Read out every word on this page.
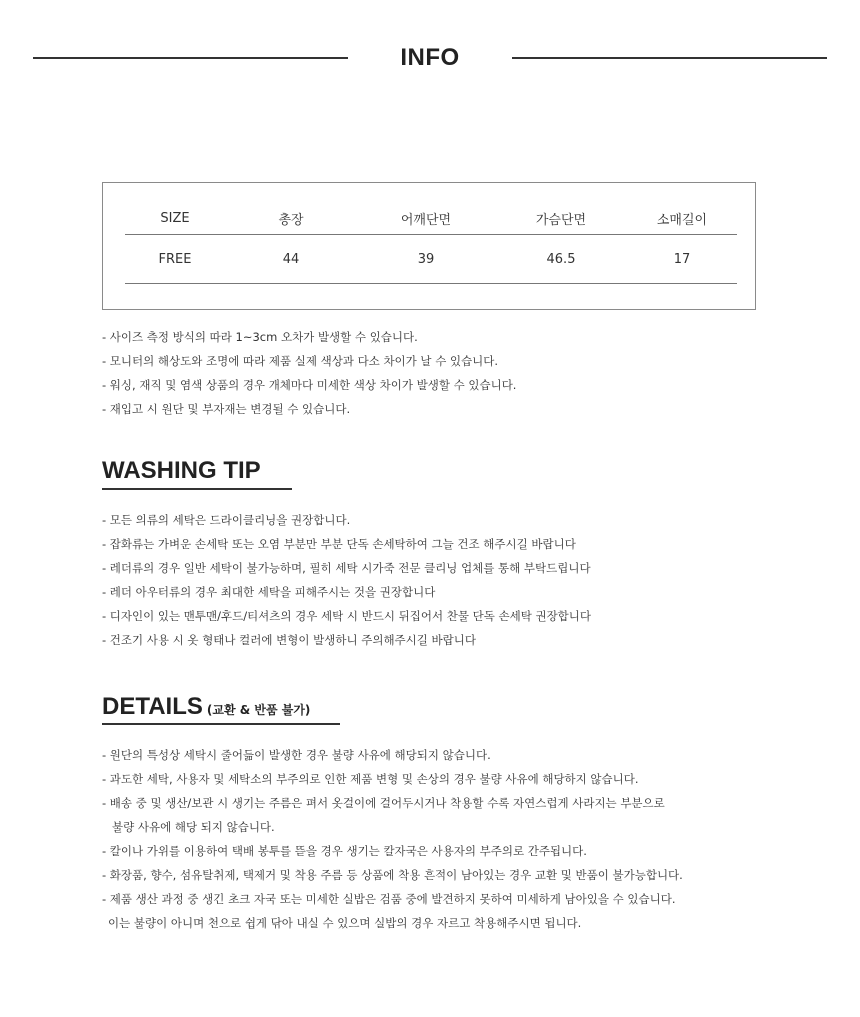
INFO
SIZE	총장	어깨단면	가슴단면	소매길이
FREE	44	39	46.5	17
- 사이즈 측정 방식의 따라 1~3cm 오차가 발생할 수 있습니다.
- 모니터의 해상도와 조명에 따라 제품 실제 색상과 다소 차이가 날 수 있습니다.
- 워싱, 재직 및 염색 상품의 경우 개체마다 미세한 색상 차이가 발생할 수 있습니다.
- 재입고 시 원단 및 부자재는 변경될 수 있습니다.
WASHING TIP
- 모든 의류의 세탁은 드라이클리닝을 권장합니다.
- 잡화류는 가벼운 손세탁 또는 오염 부분만 부분 단독 손세탁하여 그늘 건조 해주시길 바랍니다
- 레더류의 경우 일반 세탁이 불가능하며, 필히 세탁 시가죽 전문 클리닝 업체를 통해 부탁드립니다
- 레더 아우터류의 경우 최대한 세탁을 피해주시는 것을 권장합니다
- 디자인이 있는 맨투맨/후드/티셔츠의 경우 세탁 시 반드시 뒤집어서 찬물 단독 손세탁 권장합니다
- 건조기 사용 시 옷 형태나 컬러에 변형이 발생하니 주의해주시길 바랍니다
DETAILS (교환 & 반품 불가)
- 원단의 특성상 세탁시 줄어듦이 발생한 경우 불량 사유에 해당되지 않습니다.
- 과도한 세탁, 사용자 및 세탁소의 부주의로 인한 제품 변형 및 손상의 경우 불량 사유에 해당하지 않습니다.
- 배송 중 및 생산/보관 시 생기는 주름은 펴서 옷걸이에 걸어두시거나 착용할 수록 자연스럽게 사라지는 부분으로
불량 사유에 해당 되지 않습니다.
- 칼이나 가위를 이용하여 택배 봉투를 뜯을 경우 생기는 칼자국은 사용자의 부주의로 간주됩니다.
- 화장품, 향수, 섬유탈취제, 택제거 및 착용 주름 등 상품에 착용 흔적이 남아있는 경우 교환 및 반품이 불가능합니다.
- 제품 생산 과정 중 생긴 초크 자국 또는 미세한 실밥은 검품 중에 발견하지 못하여 미세하게 남아있을 수 있습니다.
이는 불량이 아니며 천으로 쉽게 닦아 내실 수 있으며 실밥의 경우 자르고 착용해주시면 됩니다.
